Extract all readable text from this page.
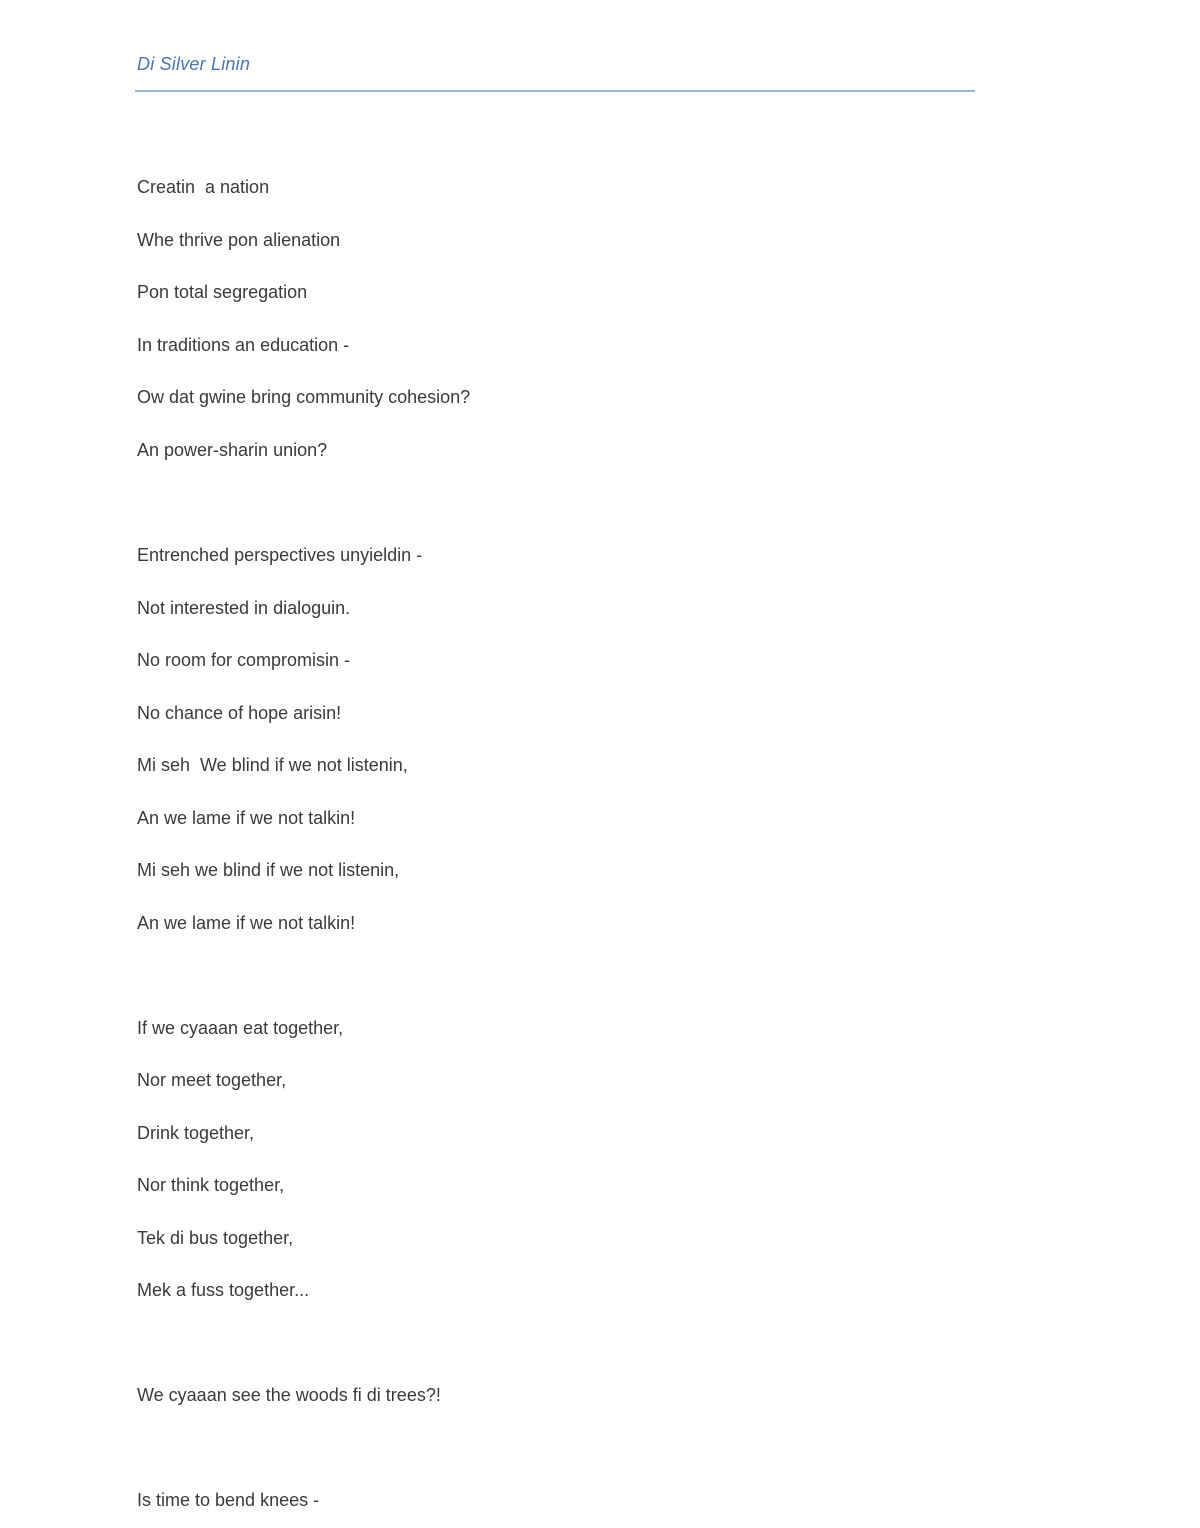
Di Silver Linin
Creatin  a nation
Whe thrive pon alienation
Pon total segregation
In traditions an education -
Ow dat gwine bring community cohesion?
An power-sharin union?
Entrenched perspectives unyieldin -
Not interested in dialoguin.
No room for compromisin -
No chance of hope arisin!
Mi seh  We blind if we not listenin,
An we lame if we not talkin!
Mi seh we blind if we not listenin,
An we lame if we not talkin!
If we cyaaan eat together,
Nor meet together,
Drink together,
Nor think together,
Tek di bus together,
Mek a fuss together...
We cyaaan see the woods fi di trees?!
Is time to bend knees -
